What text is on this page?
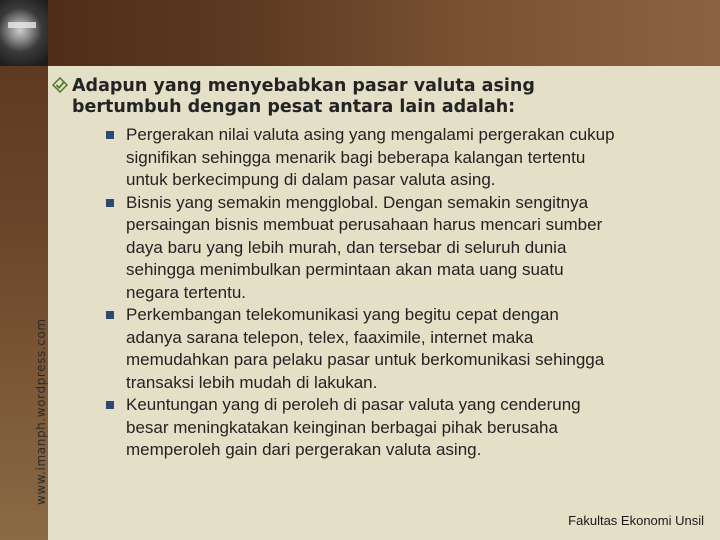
www.imanph.wordpress.com
Adapun yang menyebabkan pasar valuta asing
bertumbuh dengan pesat antara lain adalah:
Pergerakan nilai valuta asing yang mengalami pergerakan cukup
signifikan sehingga menarik bagi beberapa kalangan tertentu
untuk berkecimpung di dalam pasar valuta asing.
Bisnis yang semakin mengglobal. Dengan semakin sengitnya
persaingan bisnis membuat perusahaan harus mencari sumber
daya baru yang lebih murah, dan tersebar di seluruh dunia
sehingga menimbulkan permintaan akan mata uang suatu
negara tertentu.
Perkembangan telekomunikasi yang begitu cepat dengan
adanya sarana telepon, telex, faaximile, internet maka
memudahkan para pelaku pasar untuk berkomunikasi sehingga
transaksi lebih mudah di lakukan.
Keuntungan yang di peroleh di pasar valuta yang cenderung
besar meningkatakan keinginan berbagai pihak berusaha
memperoleh gain dari pergerakan valuta asing.
Fakultas Ekonomi Unsil
